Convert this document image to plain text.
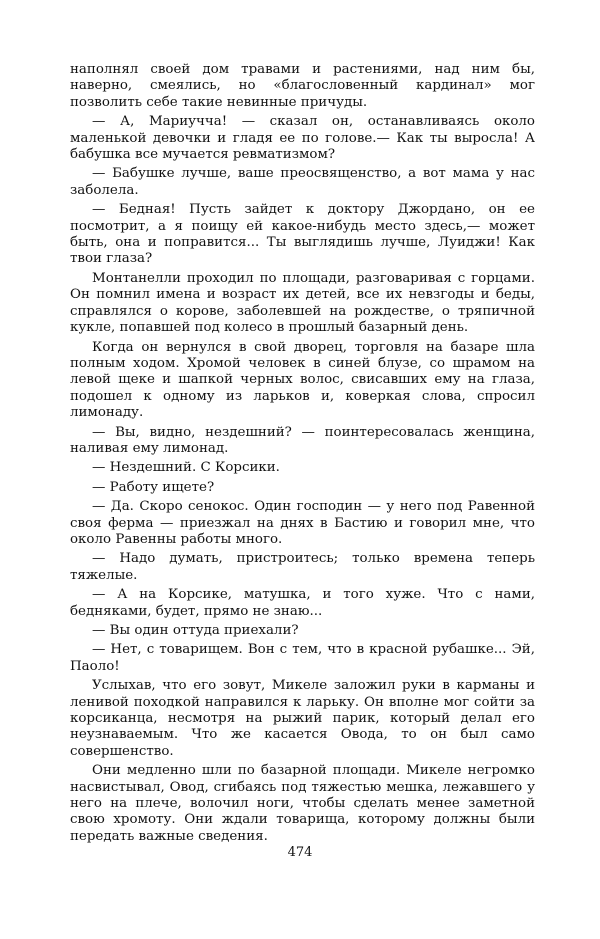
наполнял своей дом травами и растениями, над ним бы, наверно, смеялись, но «благословенный кардинал» мог позволить себе такие невинные причуды.

— А, Мариучча! — сказал он, останавливаясь около маленькой девочки и гладя ее по голове.— Как ты выросла! А бабушка все мучается ревматизмом?

— Бабушке лучше, ваше преосвященство, а вот мама у нас заболела.

— Бедная! Пусть зайдет к доктору Джордано, он ее посмотрит, а я поищу ей какое-нибудь место здесь,— может быть, она и поправится... Ты выглядишь лучше, Луиджи! Как твои глаза?

Монтанелли проходил по площади, разговаривая с горцами. Он помнил имена и возраст их детей, все их невзгоды и беды, справлялся о корове, заболевшей на рождестве, о тряпичной кукле, попавшей под колесо в прошлый базарный день.

Когда он вернулся в свой дворец, торговля на базаре шла полным ходом. Хромой человек в синей блузе, со шрамом на левой щеке и шапкой черных волос, свисавших ему на глаза, подошел к одному из ларьков и, коверкая слова, спросил лимонаду.

— Вы, видно, нездешний? — поинтересовалась женщина, наливая ему лимонад.

— Нездешний. С Корсики.

— Работу ищете?

— Да. Скоро сенокос. Один господин — у него под Равенной своя ферма — приезжал на днях в Бастию и говорил мне, что около Равенны работы много.

— Надо думать, пристроитесь; только времена теперь тяжелые.

— А на Корсике, матушка, и того хуже. Что с нами, бедняками, будет, прямо не знаю...

— Вы один оттуда приехали?

— Нет, с товарищем. Вон с тем, что в красной рубашке... Эй, Паоло!

Услыхав, что его зовут, Микеле заложил руки в карманы и ленивой походкой направился к ларьку. Он вполне мог сойти за корсиканца, несмотря на рыжий парик, который делал его неузнаваемым. Что же касается Овода, то он был само совершенство.

Они медленно шли по базарной площади. Микеле негромко насвистывал, Овод, сгибаясь под тяжестью мешка, лежавшего у него на плече, волочил ноги, чтобы сделать менее заметной свою хромоту. Они ждали товарища, которому должны были передать важные сведения.

474
